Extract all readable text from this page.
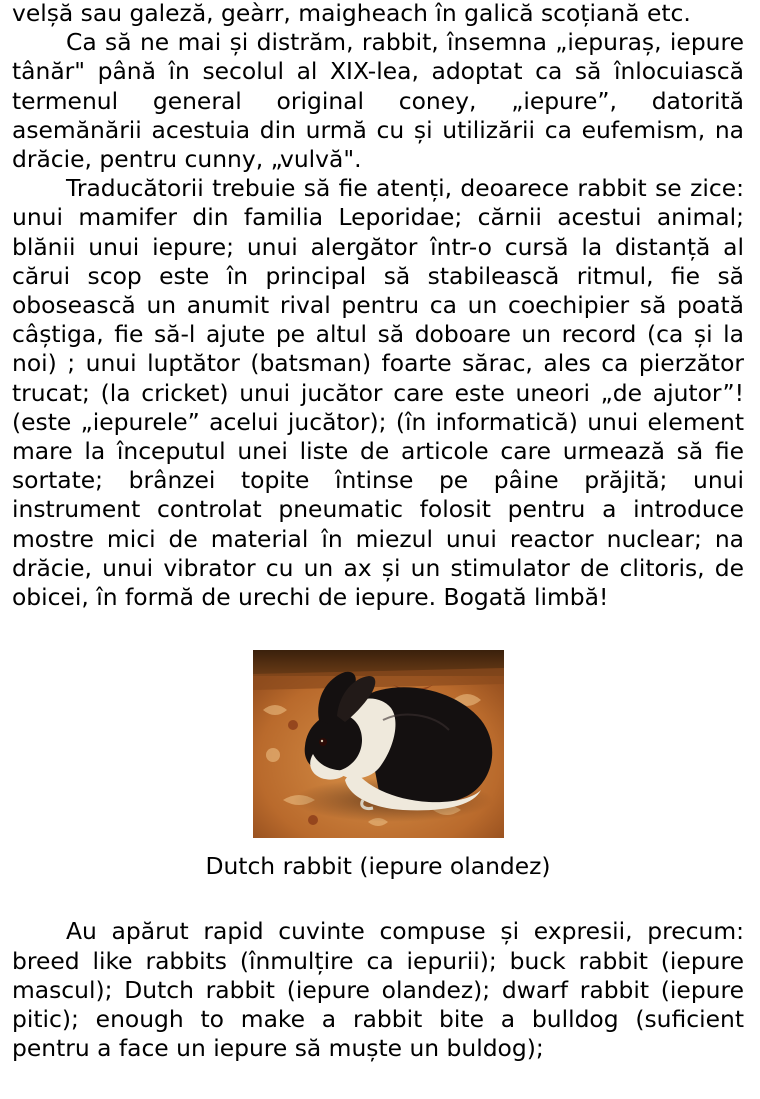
velșă sau galeză, geàrr, maigheach în galică scoțiană etc.

Ca să ne mai și distrăm, rabbit, însemna „iepuraș, iepure tânăr" până în secolul al XIX-lea, adoptat ca să înlocuiască termenul general original coney, „iepure”, datorită asemănării acestuia din urmă cu și utilizării ca eufemism, na drăcie, pentru cunny, „vulvă".

Traducătorii trebuie să fie atenți, deoarece rabbit se zice: unui mamifer din familia Leporidae; cărnii acestui animal; blănii unui iepure; unui alergător într-o cursă la distanță al cărui scop este în principal să stabilească ritmul, fie să obosească un anumit rival pentru ca un coechipier să poată câștiga, fie să-l ajute pe altul să doboare un record (ca și la noi) ; unui luptător (batsman) foarte sărac, ales ca pierzător trucat; (la cricket) unui jucător care este uneori „de ajutor”! (este „iepurele” acelui jucător); (în informatică) unui element mare la începutul unei liste de articole care urmează să fie sortate; brânzei topite întinse pe pâine prăjită; unui instrument controlat pneumatic folosit pentru a introduce mostre mici de material în miezul unui reactor nuclear; na drăcie, unui vibrator cu un ax și un stimulator de clitoris, de obicei, în formă de urechi de iepure. Bogată limbă!

Dutch rabbit (iepure olandez)

Au apărut rapid cuvinte compuse și expresii, precum: breed like rabbits (înmulțire ca iepurii); buck rabbit (iepure mascul); Dutch rabbit (iepure olandez); dwarf rabbit (iepure pitic); enough to make a rabbit bite a bulldog (suficient pentru a face un iepure să muște un buldog);
